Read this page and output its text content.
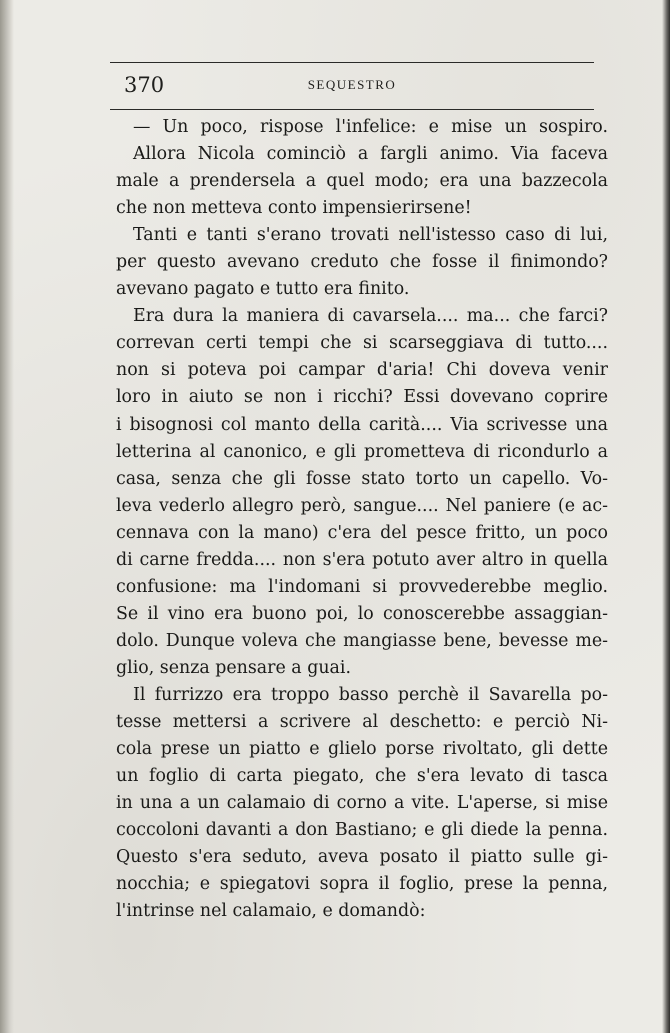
370	SEQUESTRO
— Un poco, rispose l'infelice: e mise un sospiro.
Allora Nicola cominciò a fargli animo. Via faceva
male a prendersela a quel modo; era una bazzecola
che non metteva conto impensierirsene!
Tanti e tanti s'erano trovati nell'istesso caso di lui,
per questo avevano creduto che fosse il finimondo?
avevano pagato e tutto era finito.
Era dura la maniera di cavarsela.... ma... che farci?
correvan certi tempi che si scarseggiava di tutto....
non si poteva poi campar d'aria! Chi doveva venir
loro in aiuto se non i ricchi? Essi dovevano coprire
i bisognosi col manto della carità.... Via scrivesse una
letterina al canonico, e gli prometteva di ricondurlo a
casa, senza che gli fosse stato torto un capello. Vo-
leva vederlo allegro però, sangue.... Nel paniere (e ac-
cennava con la mano) c'era del pesce fritto, un poco
di carne fredda.... non s'era potuto aver altro in quella
confusione: ma l'indomani si provvederebbe meglio.
Se il vino era buono poi, lo conoscerebbe assaggian-
dolo. Dunque voleva che mangiasse bene, bevesse me-
glio, senza pensare a guai.
Il furrizzo era troppo basso perchè il Savarella po-
tesse mettersi a scrivere al deschetto: e perciò Ni-
cola prese un piatto e glielo porse rivoltato, gli dette
un foglio di carta piegato, che s'era levato di tasca
in una a un calamaio di corno a vite. L'aperse, si mise
coccoloni davanti a don Bastiano; e gli diede la penna.
Questo s'era seduto, aveva posato il piatto sulle gi-
nocchia; e spiegatovi sopra il foglio, prese la penna,
l'intrinse nel calamaio, e domandò:
